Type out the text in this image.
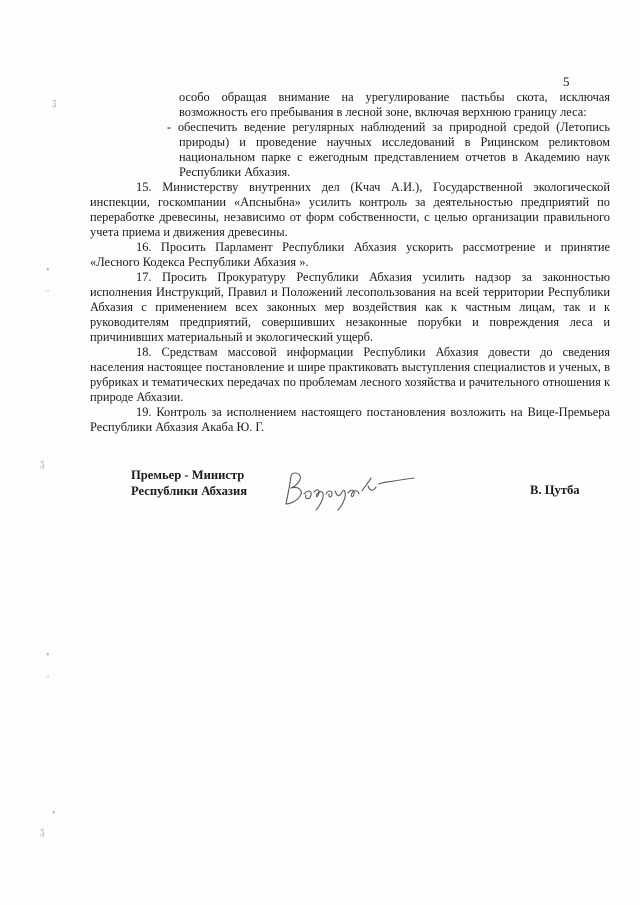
5

особо обращая внимание на урегулирование пастьбы скота, исключая возможность его пребывания в лесной зоне, включая верхнюю границу леса:

- обеспечить ведение регулярных наблюдений за природной средой (Летопись природы) и проведение научных исследований в Рицинском реликтовом национальном парке с ежегодным представлением отчетов в Академию наук Республики Абхазия.

15. Министерству внутренних дел (Кчач А.И.), Государственной экологической инспекции, госкомпании «Апсныбна» усилить контроль за деятельностью предприятий по переработке древесины, независимо от форм собственности, с целью организации правильного учета приема и движения древесины.

16. Просить Парламент Республики Абхазия ускорить рассмотрение и принятие «Лесного Кодекса Республики Абхазия ».

17. Просить Прокуратуру Республики Абхазия усилить надзор за законностью исполнения Инструкций, Правил и Положений лесопользования на всей территории Республики Абхазия с применением всех законных мер воздействия как к частным лицам, так и к руководителям предприятий, совершивших незаконные порубки и повреждения леса и причинивших материальный и экологический ущерб.

18. Средствам массовой информации Республики Абхазия довести до сведения населения настоящее постановление и шире практиковать выступления специалистов и ученых, в рубриках и тематических передачах по проблемам лесного хозяйства и рачительного отношения к природе Абхазии.

19. Контроль за исполнением настоящего постановления возложить на Вице-Премьера Республики Абхазия Акаба Ю. Г.

Премьер - Министр
Республики Абхазия	В. Цутба
ʓ
•
◦
ʓ
•
◦
•
ʓ
